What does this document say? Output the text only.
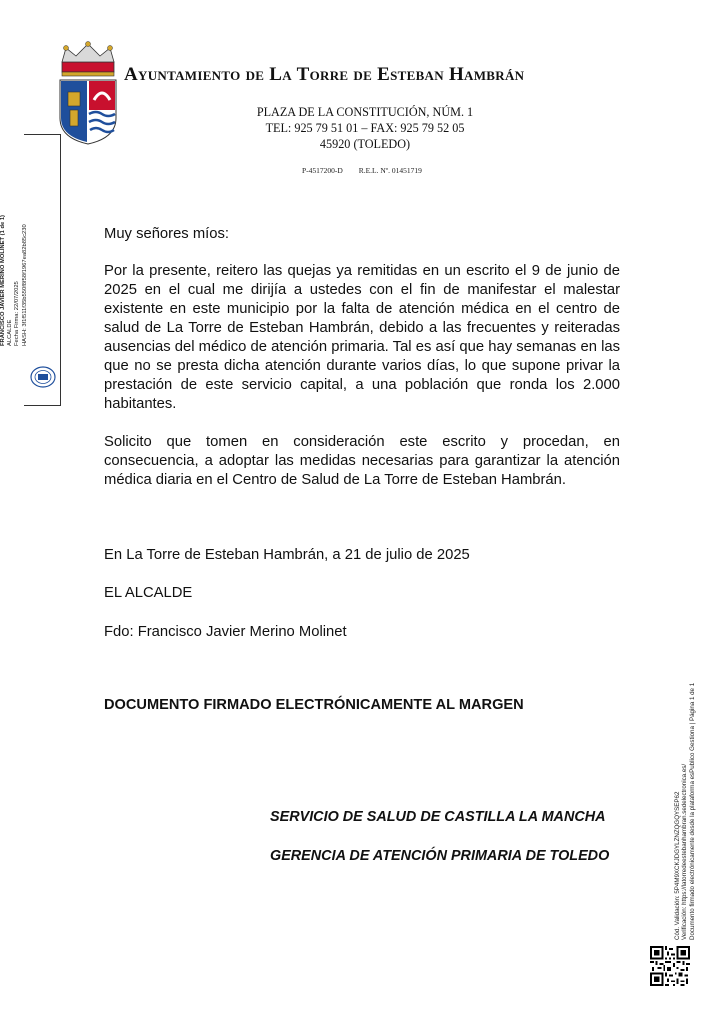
Ayuntamiento de La Torre de Esteban Hambrán
PLAZA DE LA CONSTITUCIÓN, NÚM. 1
TEL: 925 79 51 01 – FAX: 925 79 52 05
45920 (TOLEDO)
P-4517200-D R.E.L. Nº. 01451719
FRANCISCO JAVIER MERINO MOLINET (1 de 1) ALCALDE Fecha Firma: 22/07/2025 HASH: 3f1f511f35b550f8f58f1967ea82b85c230	Muy señores míos:
Por la presente, reitero las quejas ya remitidas en un escrito el 9 de junio de 2025 en el cual me dirijía a ustedes con el fin de manifestar el malestar existente en este municipio por la falta de atención médica en el centro de salud de La Torre de Esteban Hambrán, debido a las frecuentes y reiteradas ausencias del médico de atención primaria. Tal es así que hay semanas en las que no se presta dicha atención durante varios días, lo que supone privar la prestación de este servicio capital, a una población que ronda los 2.000 habitantes.
Solicito que tomen en consideración este escrito y procedan, en consecuencia, a adoptar las medidas necesarias para garantizar la atención médica diaria en el Centro de Salud de La Torre de Esteban Hambrán.
En La Torre de Esteban Hambrán, a 21 de julio de 2025
EL ALCALDE
Fdo: Francisco Javier Merino Molinet
DOCUMENTO FIRMADO ELECTRÓNICAMENTE AL MARGEN
SERVICIO DE SALUD DE CASTILLA LA MANCHA
GERENCIA DE ATENCIÓN PRIMARIA DE TOLEDO	Cód. Validación: 5P4M9XCKJDGYLZNZQGQYSEP62 Verificación: https://latorredeestebanhambran.sedelectronica.es/ Documento firmado electrónicamente desde la plataforma esPublico Gestiona | Página 1 de 1
